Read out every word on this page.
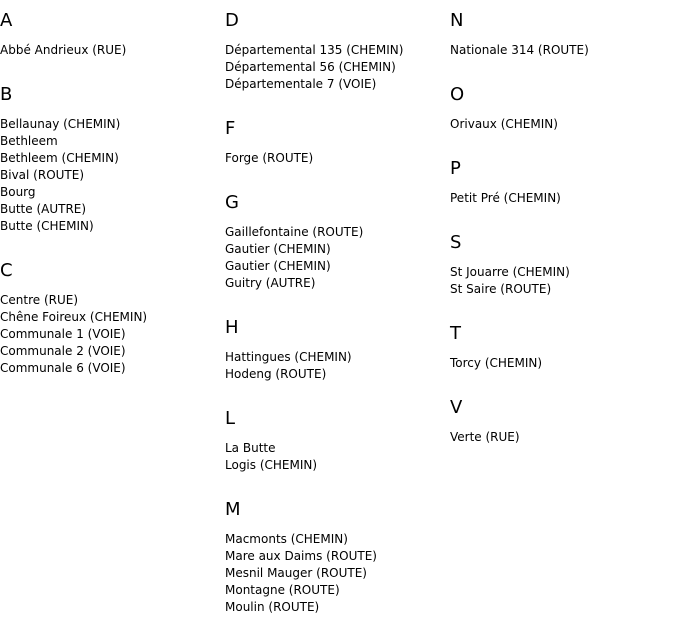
A
Abbé Andrieux (RUE)
B
Bellaunay (CHEMIN)
Bethleem
Bethleem (CHEMIN)
Bival (ROUTE)
Bourg
Butte (AUTRE)
Butte (CHEMIN)
C
Centre (RUE)
Chêne Foireux (CHEMIN)
Communale 1 (VOIE)
Communale 2 (VOIE)
Communale 6 (VOIE)
D
Départemental 135 (CHEMIN)
Départemental 56 (CHEMIN)
Départementale 7 (VOIE)
F
Forge (ROUTE)
G
Gaillefontaine (ROUTE)
Gautier (CHEMIN)
Gautier (CHEMIN)
Guitry (AUTRE)
H
Hattingues (CHEMIN)
Hodeng (ROUTE)
L
La Butte
Logis (CHEMIN)
M
Macmonts (CHEMIN)
Mare aux Daims (ROUTE)
Mesnil Mauger (ROUTE)
Montagne (ROUTE)
Moulin (ROUTE)
N
Nationale 314 (ROUTE)
O
Orivaux (CHEMIN)
P
Petit Pré (CHEMIN)
S
St Jouarre (CHEMIN)
St Saire (ROUTE)
T
Torcy (CHEMIN)
V
Verte (RUE)
